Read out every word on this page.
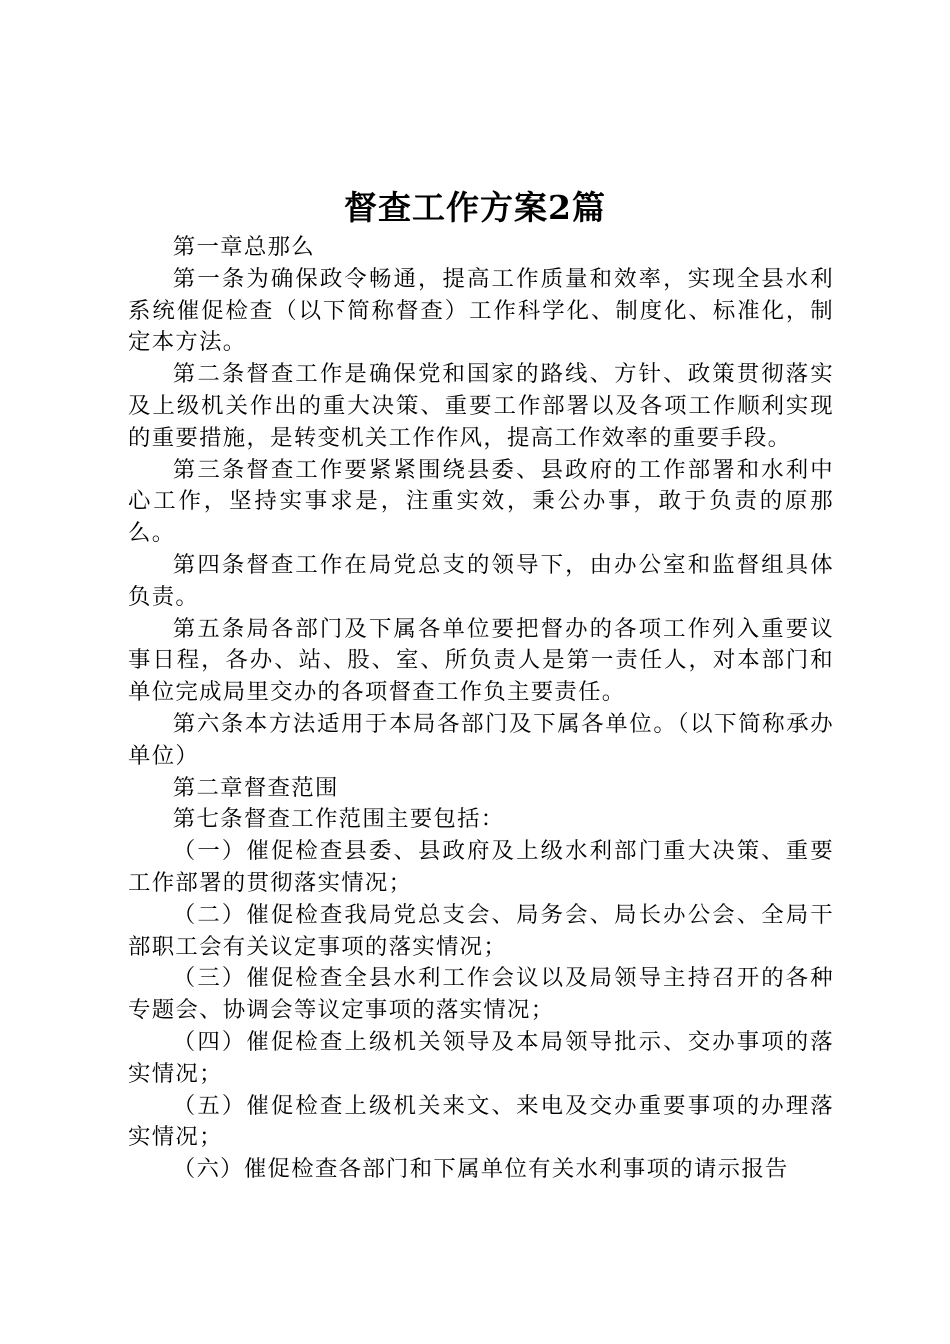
督查工作方案2篇

第一章总那么

第一条为确保政令畅通，提高工作质量和效率，实现全县水利系统催促检查（以下简称督查）工作科学化、制度化、标准化，制定本方法。

第二条督查工作是确保党和国家的路线、方针、政策贯彻落实及上级机关作出的重大决策、重要工作部署以及各项工作顺利实现的重要措施，是转变机关工作作风，提高工作效率的重要手段。

第三条督查工作要紧紧围绕县委、县政府的工作部署和水利中心工作，坚持实事求是，注重实效，秉公办事，敢于负责的原那么。

第四条督查工作在局党总支的领导下，由办公室和监督组具体负责。

第五条局各部门及下属各单位要把督办的各项工作列入重要议事日程，各办、站、股、室、所负责人是第一责任人，对本部门和单位完成局里交办的各项督查工作负主要责任。

第六条本方法适用于本局各部门及下属各单位。（以下简称承办单位）

第二章督查范围

第七条督查工作范围主要包括：

（一）催促检查县委、县政府及上级水利部门重大决策、重要工作部署的贯彻落实情况；

（二）催促检查我局党总支会、局务会、局长办公会、全局干部职工会有关议定事项的落实情况；

（三）催促检查全县水利工作会议以及局领导主持召开的各种专题会、协调会等议定事项的落实情况；

（四）催促检查上级机关领导及本局领导批示、交办事项的落实情况；

（五）催促检查上级机关来文、来电及交办重要事项的办理落实情况；

（六）催促检查各部门和下属单位有关水利事项的请示报告
